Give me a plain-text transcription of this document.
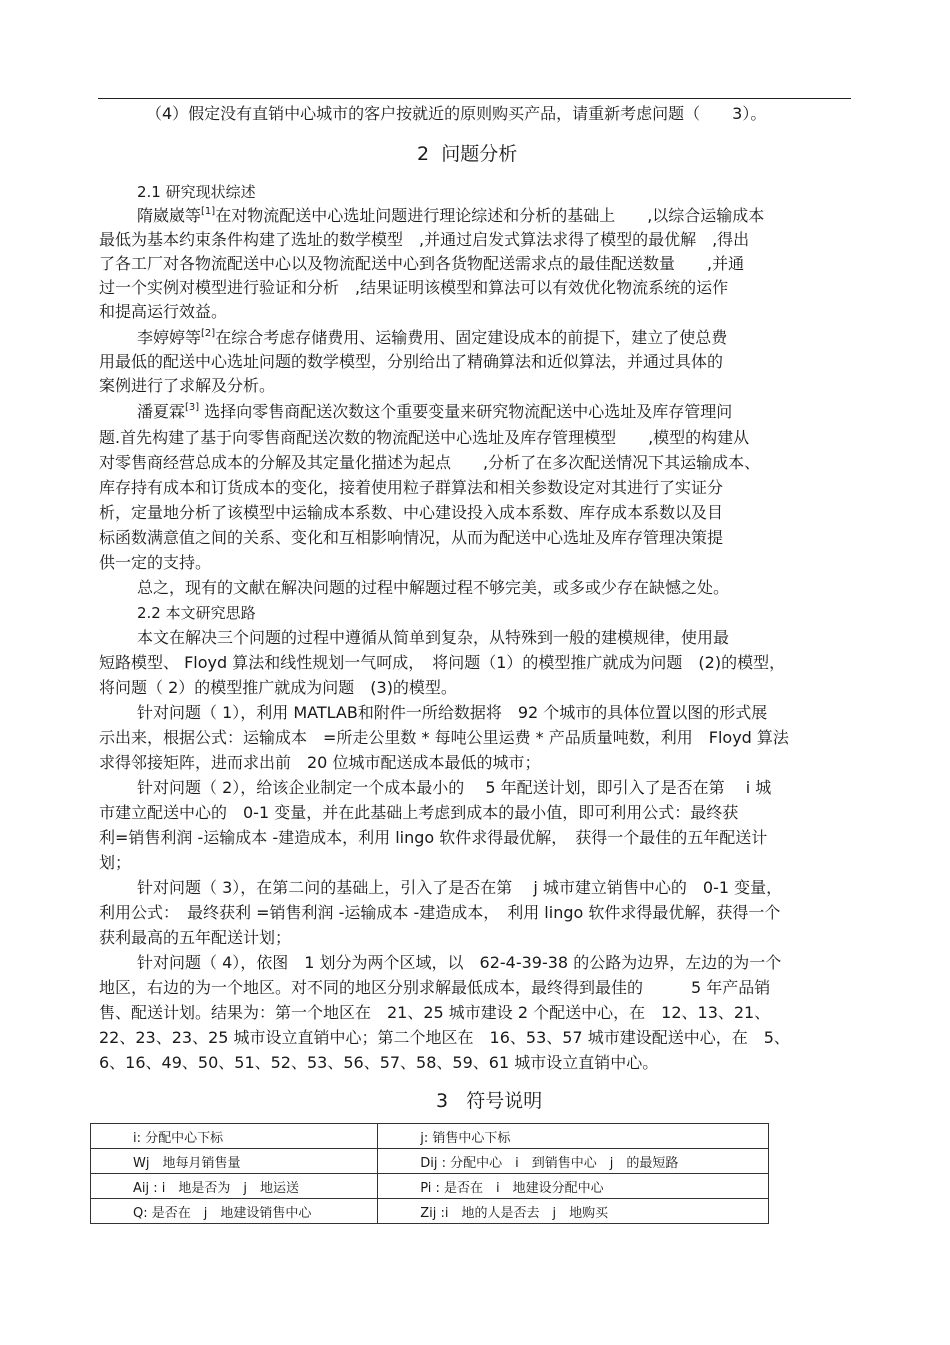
（4）假定没有直销中心城市的客户按就近的原则购买产品，请重新考虑问题（　　3）。
2 问题分析
2.1 研究现状综述
隋崴崴等[1]在对物流配送中心选址问题进行理论综述和分析的基础上　　,以综合运输成本
最低为基本约束条件构建了选址的数学模型　,并通过启发式算法求得了模型的最优解　,得出
了各工厂对各物流配送中心以及物流配送中心到各货物配送需求点的最佳配送数量　　,并通
过一个实例对模型进行验证和分析　,结果证明该模型和算法可以有效优化物流系统的运作
和提高运行效益。
李婷婷等[2]在综合考虑存储费用、运输费用、固定建设成本的前提下，建立了使总费
用最低的配送中心选址问题的数学模型，分别给出了精确算法和近似算法，并通过具体的
案例进行了求解及分析。
潘夏霖[3] 选择向零售商配送次数这个重要变量来研究物流配送中心选址及库存管理问
题.首先构建了基于向零售商配送次数的物流配送中心选址及库存管理模型　　,模型的构建从
对零售商经营总成本的分解及其定量化描述为起点　　,分析了在多次配送情况下其运输成本、
库存持有成本和订货成本的变化，接着使用粒子群算法和相关参数设定对其进行了实证分
析，定量地分析了该模型中运输成本系数、中心建设投入成本系数、库存成本系数以及目
标函数满意值之间的关系、变化和互相影响情况，从而为配送中心选址及库存管理决策提
供一定的支持。
总之，现有的文献在解决问题的过程中解题过程不够完美，或多或少存在缺憾之处。
2.2 本文研究思路
本文在解决三个问题的过程中遵循从简单到复杂，从特殊到一般的建模规律，使用最
短路模型、 Floyd 算法和线性规划一气呵成，　将问题（1）的模型推广就成为问题　(2)的模型，
将问题（ 2）的模型推广就成为问题　(3)的模型。
针对问题（ 1），利用 MATLAB和附件一所给数据将　92 个城市的具体位置以图的形式展
示出来，根据公式：运输成本　=所走公里数 * 每吨公里运费 * 产品质量吨数，利用　Floyd 算法
求得邻接矩阵，进而求出前　20 位城市配送成本最低的城市；
针对问题（ 2），给该企业制定一个成本最小的　 5 年配送计划，即引入了是否在第　 i 城
市建立配送中心的　0-1 变量，并在此基础上考虑到成本的最小值，即可利用公式：最终获
利=销售利润 -运输成本 -建造成本，利用 lingo 软件求得最优解，　获得一个最佳的五年配送计
划；
针对问题（ 3），在第二问的基础上，引入了是否在第　 j 城市建立销售中心的　0-1 变量，
利用公式：　最终获利 =销售利润 -运输成本 -建造成本，　利用 lingo 软件求得最优解，获得一个
获利最高的五年配送计划；
针对问题（ 4），依图　1 划分为两个区域，以　62-4-39-38 的公路为边界，左边的为一个
地区，右边的为一个地区。对不同的地区分别求解最低成本，最终得到最佳的　　　5 年产品销
售、配送计划。结果为：第一个地区在　21、25 城市建设 2 个配送中心，在　12、13、21、
22、23、23、25 城市设立直销中心；第二个地区在　16、53、57 城市建设配送中心，在　5、
6、16、49、50、51、52、53、56、57、58、59、61 城市设立直销中心。
3 符号说明
i: 分配中心下标	j: 销售中心下标
Wj　地每月销售量	Dij : 分配中心　i　到销售中心　j　的最短路
Aij : i　地是否为　j　地运送	Pi : 是否在　i　地建设分配中心
Q: 是否在　j　地建设销售中心	Zij :i　地的人是否去　j　地购买
